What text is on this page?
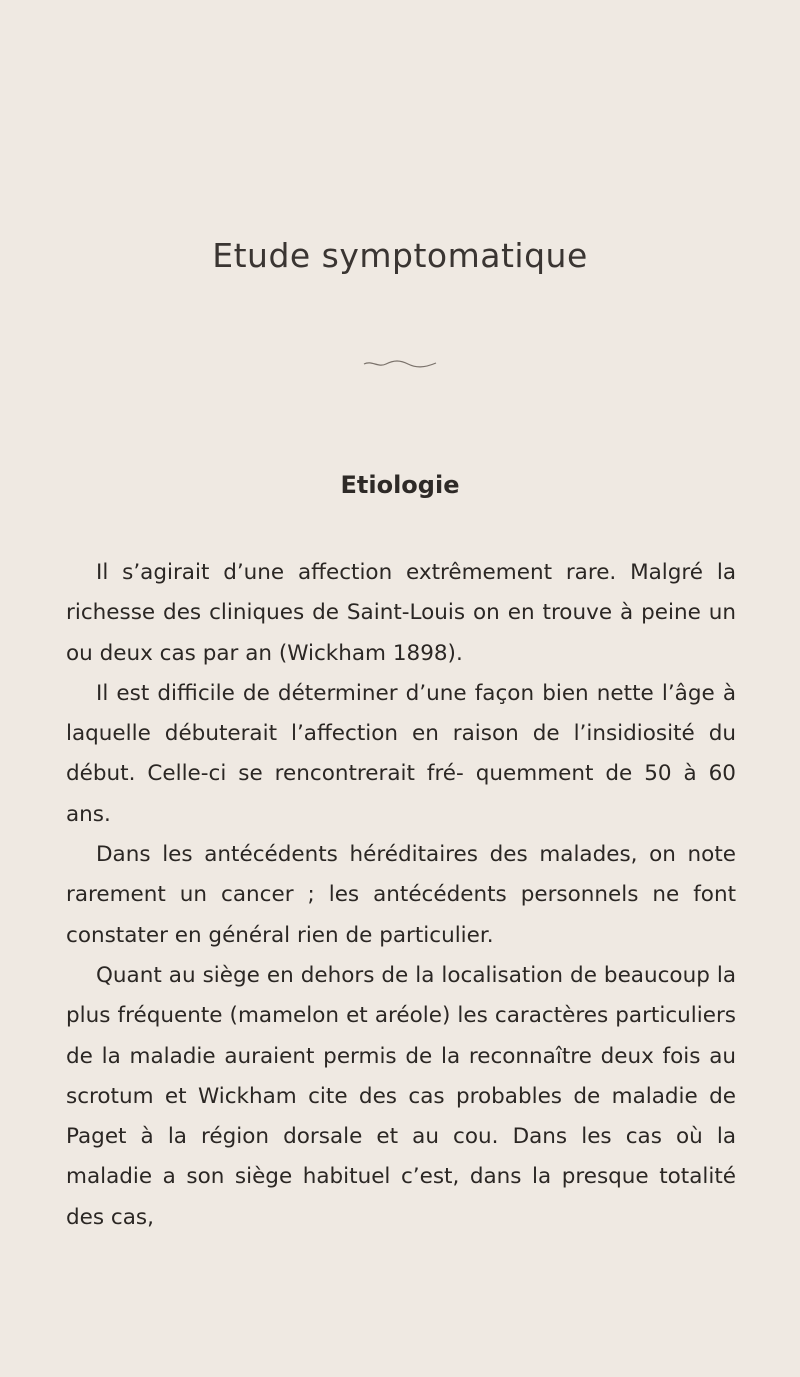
Etude symptomatique
Etiologie

Il s’agirait d’une affection extrêmement rare. Malgré la richesse des cliniques de Saint-Louis on en trouve à peine un ou deux cas par an (Wickham 1898).

Il est difficile de déterminer d’une façon bien nette l’âge à laquelle débuterait l’affection en raison de l’insidiosité du début. Celle-ci se rencontrerait fré- quemment de 50 à 60 ans.

Dans les antécédents héréditaires des malades, on note rarement un cancer ; les antécédents personnels ne font constater en général rien de particulier.

Quant au siège en dehors de la localisation de beaucoup la plus fréquente (mamelon et aréole) les caractères particuliers de la maladie auraient permis de la reconnaître deux fois au scrotum et Wickham cite des cas probables de maladie de Paget à la région dorsale et au cou. Dans les cas où la maladie a son siège habituel c’est, dans la presque totalité des cas,
